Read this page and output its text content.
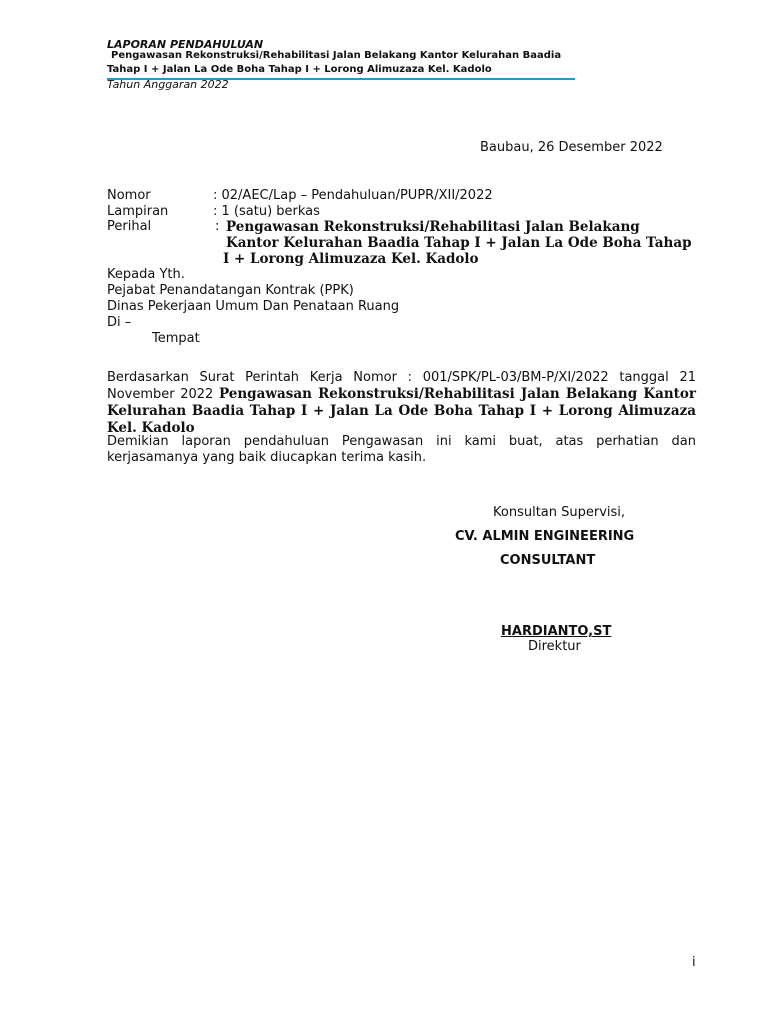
LAPORAN PENDAHULUAN
Pengawasan Rekonstruksi/Rehabilitasi Jalan Belakang Kantor Kelurahan Baadia
Tahap I + Jalan La Ode Boha Tahap I + Lorong Alimuzaza Kel. Kadolo
Tahun Anggaran 2022
Baubau, 26 Desember 2022
Nomor	: 02/AEC/Lap – Pendahuluan/PUPR/XII/2022
Lampiran	: 1 (satu) berkas
Perihal	: Pengawasan Rekonstruksi/Rehabilitasi Jalan Belakang
Kantor Kelurahan Baadia Tahap I + Jalan La Ode Boha Tahap
I + Lorong Alimuzaza Kel. Kadolo
Kepada Yth.
Pejabat Penandatangan Kontrak (PPK)
Dinas Pekerjaan Umum Dan Penataan Ruang
Di –
Tempat
Berdasarkan Surat Perintah Kerja Nomor : 001/SPK/PL-03/BM-P/XI/2022 tanggal 21 November 2022 Pengawasan Rekonstruksi/Rehabilitasi Jalan Belakang Kantor Kelurahan Baadia Tahap I + Jalan La Ode Boha Tahap I + Lorong Alimuzaza Kel. Kadolo
Demikian laporan pendahuluan Pengawasan ini kami buat, atas perhatian dan kerjasamanya yang baik diucapkan terima kasih.
Konsultan Supervisi,
CV. ALMIN ENGINEERING
CONSULTANT
HARDIANTO,ST
Direktur
i
